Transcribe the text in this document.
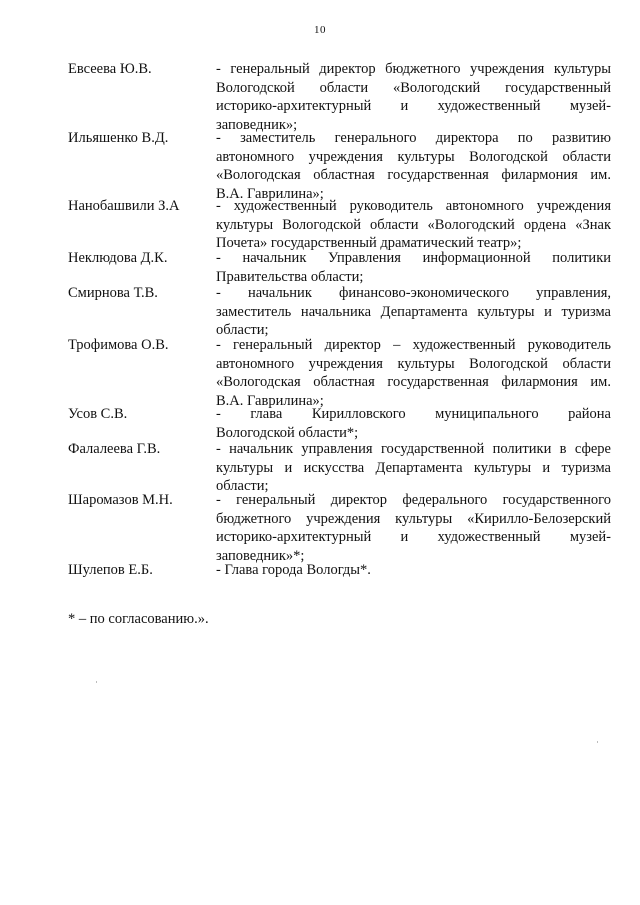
10
Евсеева Ю.В.	- генеральный директор бюджетного учреждения культуры
Вологодской области «Вологодский государственный
историко-архитектурный и художественный музей-
заповедник»;
Ильяшенко В.Д.	- заместитель генерального директора по развитию
автономного учреждения культуры Вологодской области
«Вологодская областная государственная филармония им.
В.А. Гаврилина»;
Нанобашвили З.А	- художественный руководитель автономного учреждения
культуры Вологодской области «Вологодский ордена «Знак
Почета» государственный драматический театр»;
Неклюдова Д.К.	- начальник Управления информационной политики
Правительства области;
Смирнова Т.В.	- начальник финансово-экономического управления,
заместитель начальника Департамента культуры и туризма
области;
Трофимова О.В.	- генеральный директор – художественный руководитель
автономного учреждения культуры Вологодской области
«Вологодская областная государственная филармония им.
В.А. Гаврилина»;
Усов С.В.	- глава Кирилловского муниципального района
Вологодской области*;
Фалалеева Г.В.	- начальник управления государственной политики в сфере
культуры и искусства Департамента культуры и туризма
области;
Шаромазов М.Н.	- генеральный директор федерального государственного
бюджетного учреждения культуры «Кирилло-Белозерский
историко-архитектурный и художественный музей-
заповедник»*;
Шулепов Е.Б.	- Глава города Вологды*.
* – по согласованию.».
